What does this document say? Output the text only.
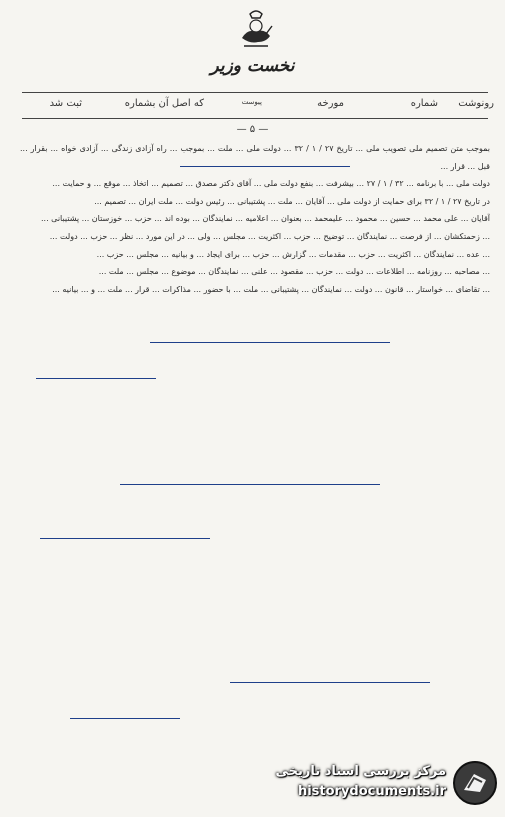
نخست وزیر
رونوشت
شماره
مورخه
پیوست
که اصل آن بشماره
ثبت شد
— ۵ —

بموجب متن تصمیم ملی تصویب ملی ... تاریخ ۲۷ / ۱ / ۳۲ ... دولت ملی ... ملت ... بموجب ... راه آزادی زندگی ... آزادی خواه ... بقرار ... قبل ... قرار ...

دولت ملی ... با برنامه ... ۳۲ / ۱ / ۲۷ ... بیشرفت ... بنفع دولت ملی ... آقای دکتر مصدق ... تصمیم ... اتخاذ ... موقع ... و حمایت ...

در تاریخ ۲۷ / ۱ / ۳۲ برای حمایت از دولت ملی ... آقایان ... ملت ... پشتیبانی ... رئیس دولت ... ملت ایران ... تصمیم ...

آقایان ... علی محمد ... حسین ... محمود ... علیمحمد ... بعنوان ... اعلامیه ... نمایندگان ... بوده اند ... حزب ... خوزستان ... پشتیبانی ...

... زحمتکشان ... از فرصت ... نمایندگان ... توضیح ... حزب ... اکثریت ... مجلس ... ولی ... در این مورد ... نظر ... حزب ... دولت ...

... عده ... نمایندگان ... اکثریت ... حزب ... مقدمات ... گزارش ... حزب ... برای ایجاد ... و بیانیه ... مجلس ... حزب ...

... مصاحبه ... روزنامه ... اطلاعات ... دولت ... حزب ... مقصود ... علنی ... نمایندگان ... موضوع ... مجلس ... ملت ...

... تقاضای ... خواستار ... قانون ... دولت ... نمایندگان ... پشتیبانی ... ملت ... با حضور ... مذاکرات ... قرار ... ملت ... و ... بیانیه ...

مرکز بررسی اسناد تاریخی
historydocuments.ir
